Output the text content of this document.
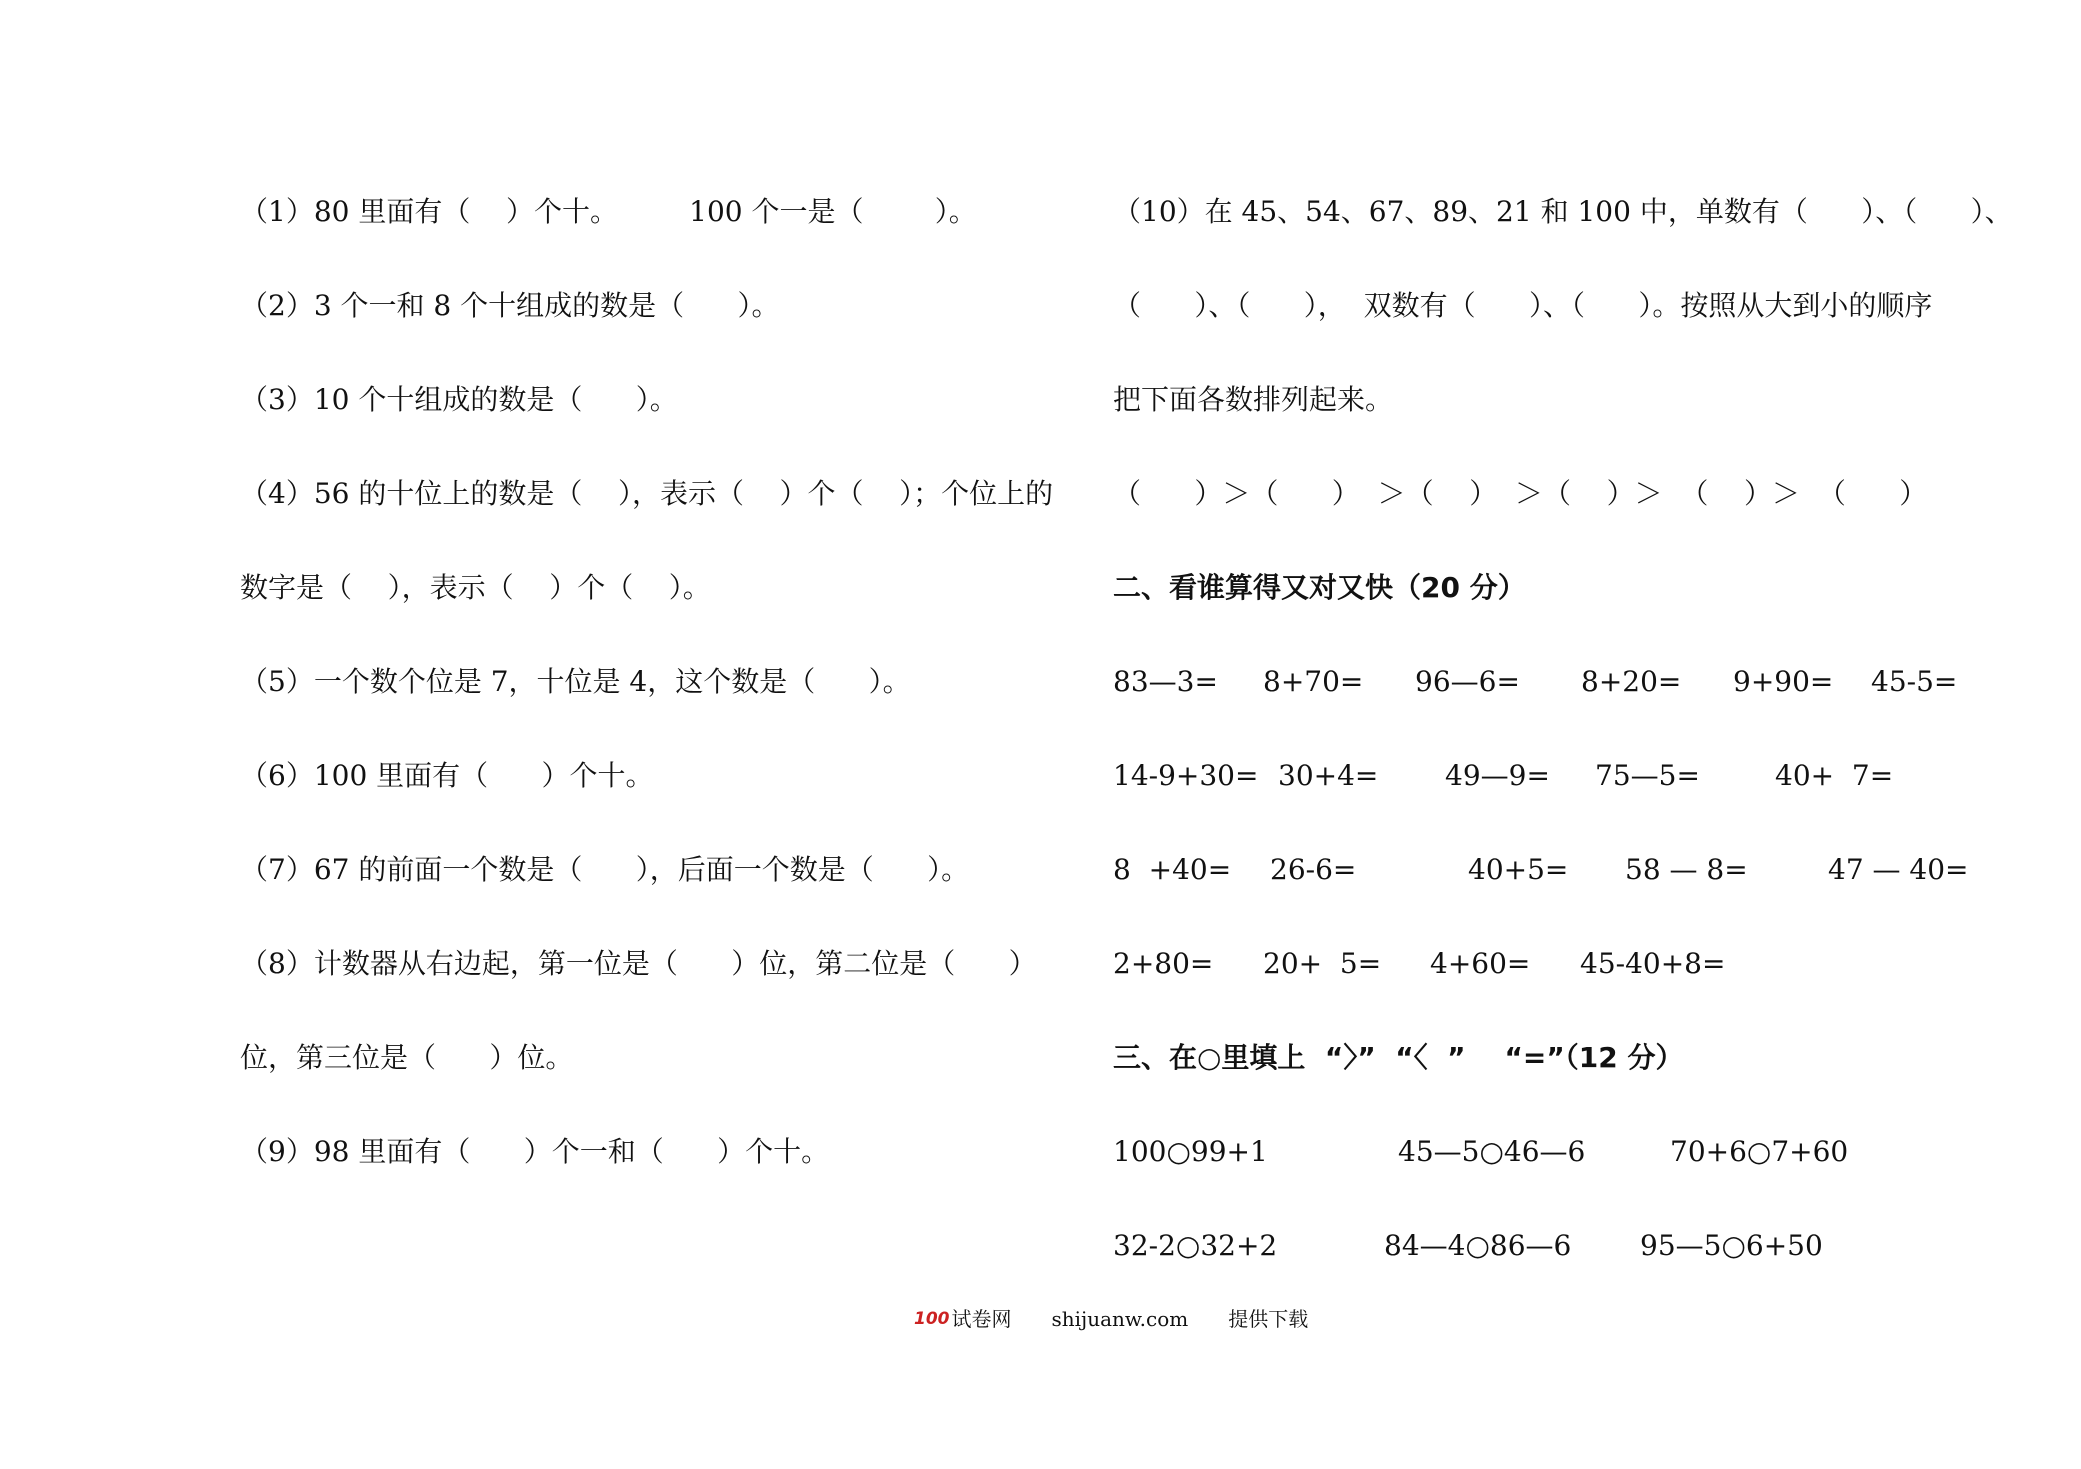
（1）80 里面有（    ）个十。        100 个一是（        ）。
（2）3 个一和 8 个十组成的数是（      ）。
（3）10 个十组成的数是（      ）。
（4）56 的十位上的数是（    ），表示（    ）个（    ）；个位上的
数字是（    ），表示（    ）个（    ）。
（5）一个数个位是 7，十位是 4，这个数是（      ）。
（6）100 里面有（      ）个十。
（7）67 的前面一个数是（      ），后面一个数是（      ）。
（8）计数器从右边起，第一位是（      ）位，第二位是（      ）
位，第三位是（      ）位。
（9）98 里面有（      ）个一和（      ）个十。
（10）在 45、54、67、89、21 和 100 中，单数有（      ）、（      ）、
（      ）、（      ），  双数有（      ）、（      ）。按照从大到小的顺序
把下面各数排列起来。
（      ）＞（      ）  ＞（    ）  ＞（    ）＞  （    ）＞  （      ）
二、看谁算得又对又快（20 分）
83—3= 8+70= 96—6= 8+20= 9+90= 45-5=
14-9+30= 30+4= 49—9= 75—5=	40+  7=
8  +40= 26-6=	40+5= 58 — 8=	47 — 40=
2+80= 20+  5= 4+60= 45-40+8=
三、在○里填上  “〉”  “〈  ”    “=”（12 分）
100○99+1	45—5○46—6	70+6○7+60
32-2○32+2	84—4○86—6 95—5○6+50
100 试卷网 shijuanw.com 提供下载
